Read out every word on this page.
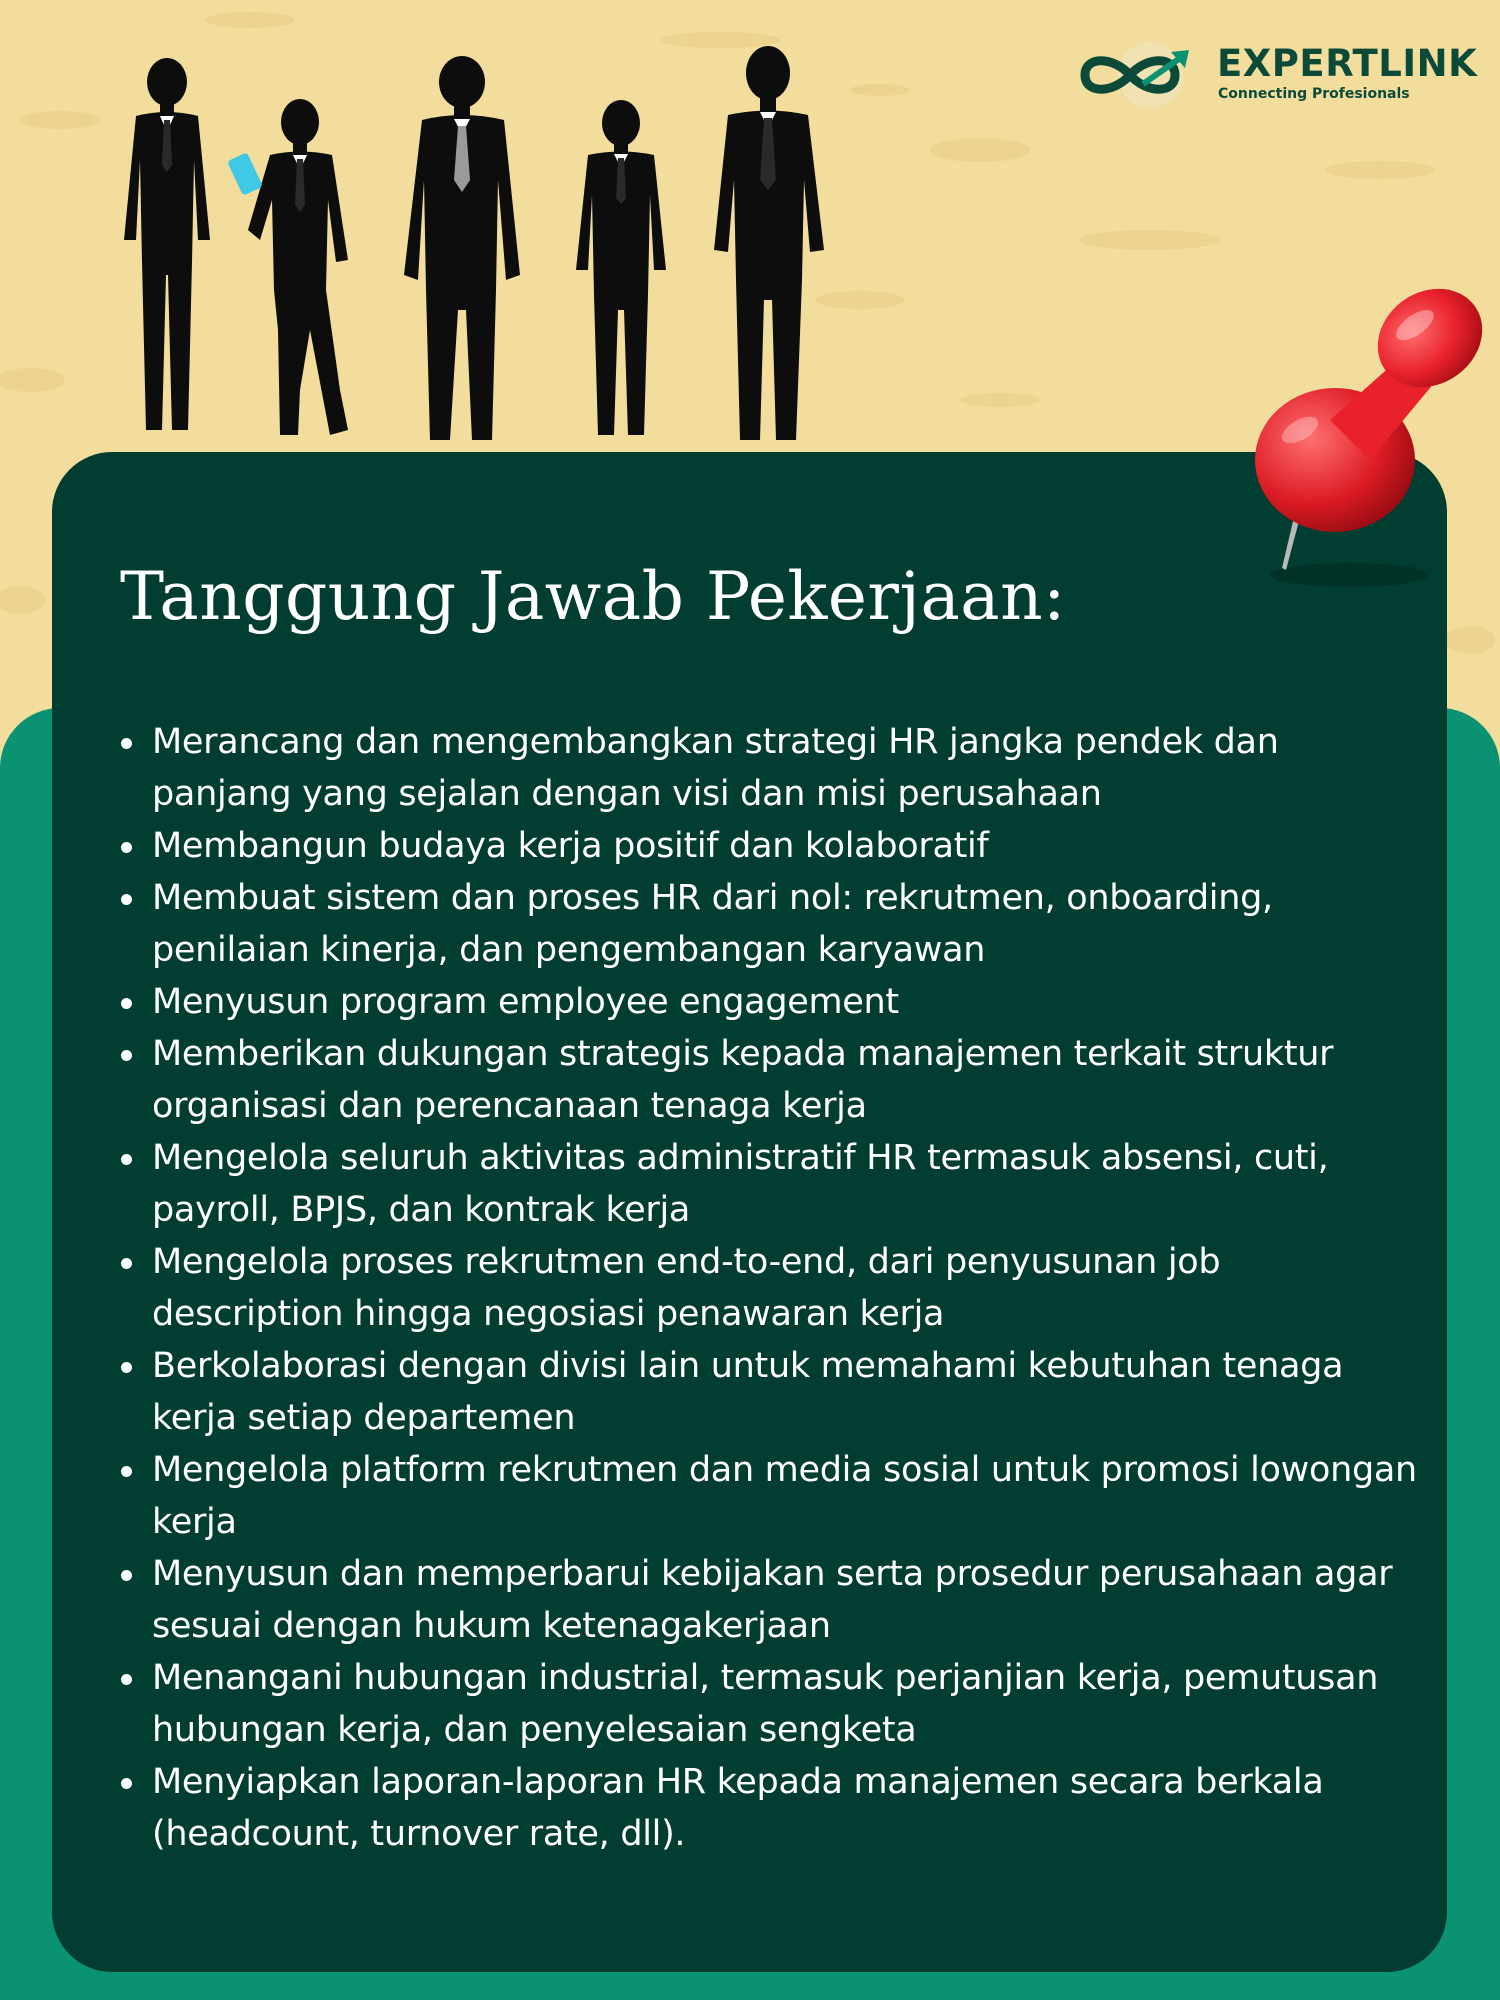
EXPERTLINK
Connecting Profesionals
Tanggung Jawab Pekerjaan:
Merancang dan mengembangkan strategi HR jangka pendek dan panjang yang sejalan dengan visi dan misi perusahaan
Membangun budaya kerja positif dan kolaboratif
Membuat sistem dan proses HR dari nol: rekrutmen, onboarding, penilaian kinerja, dan pengembangan karyawan
Menyusun program employee engagement
Memberikan dukungan strategis kepada manajemen terkait struktur organisasi dan perencanaan tenaga kerja
Mengelola seluruh aktivitas administratif HR termasuk absensi, cuti, payroll, BPJS, dan kontrak kerja
Mengelola proses rekrutmen end-to-end, dari penyusunan job description hingga negosiasi penawaran kerja
Berkolaborasi dengan divisi lain untuk memahami kebutuhan tenaga kerja setiap departemen
Mengelola platform rekrutmen dan media sosial untuk promosi lowongan kerja
Menyusun dan memperbarui kebijakan serta prosedur perusahaan agar sesuai dengan hukum ketenagakerjaan
Menangani hubungan industrial, termasuk perjanjian kerja, pemutusan hubungan kerja, dan penyelesaian sengketa
Menyiapkan laporan-laporan HR kepada manajemen secara berkala (headcount, turnover rate, dll).
